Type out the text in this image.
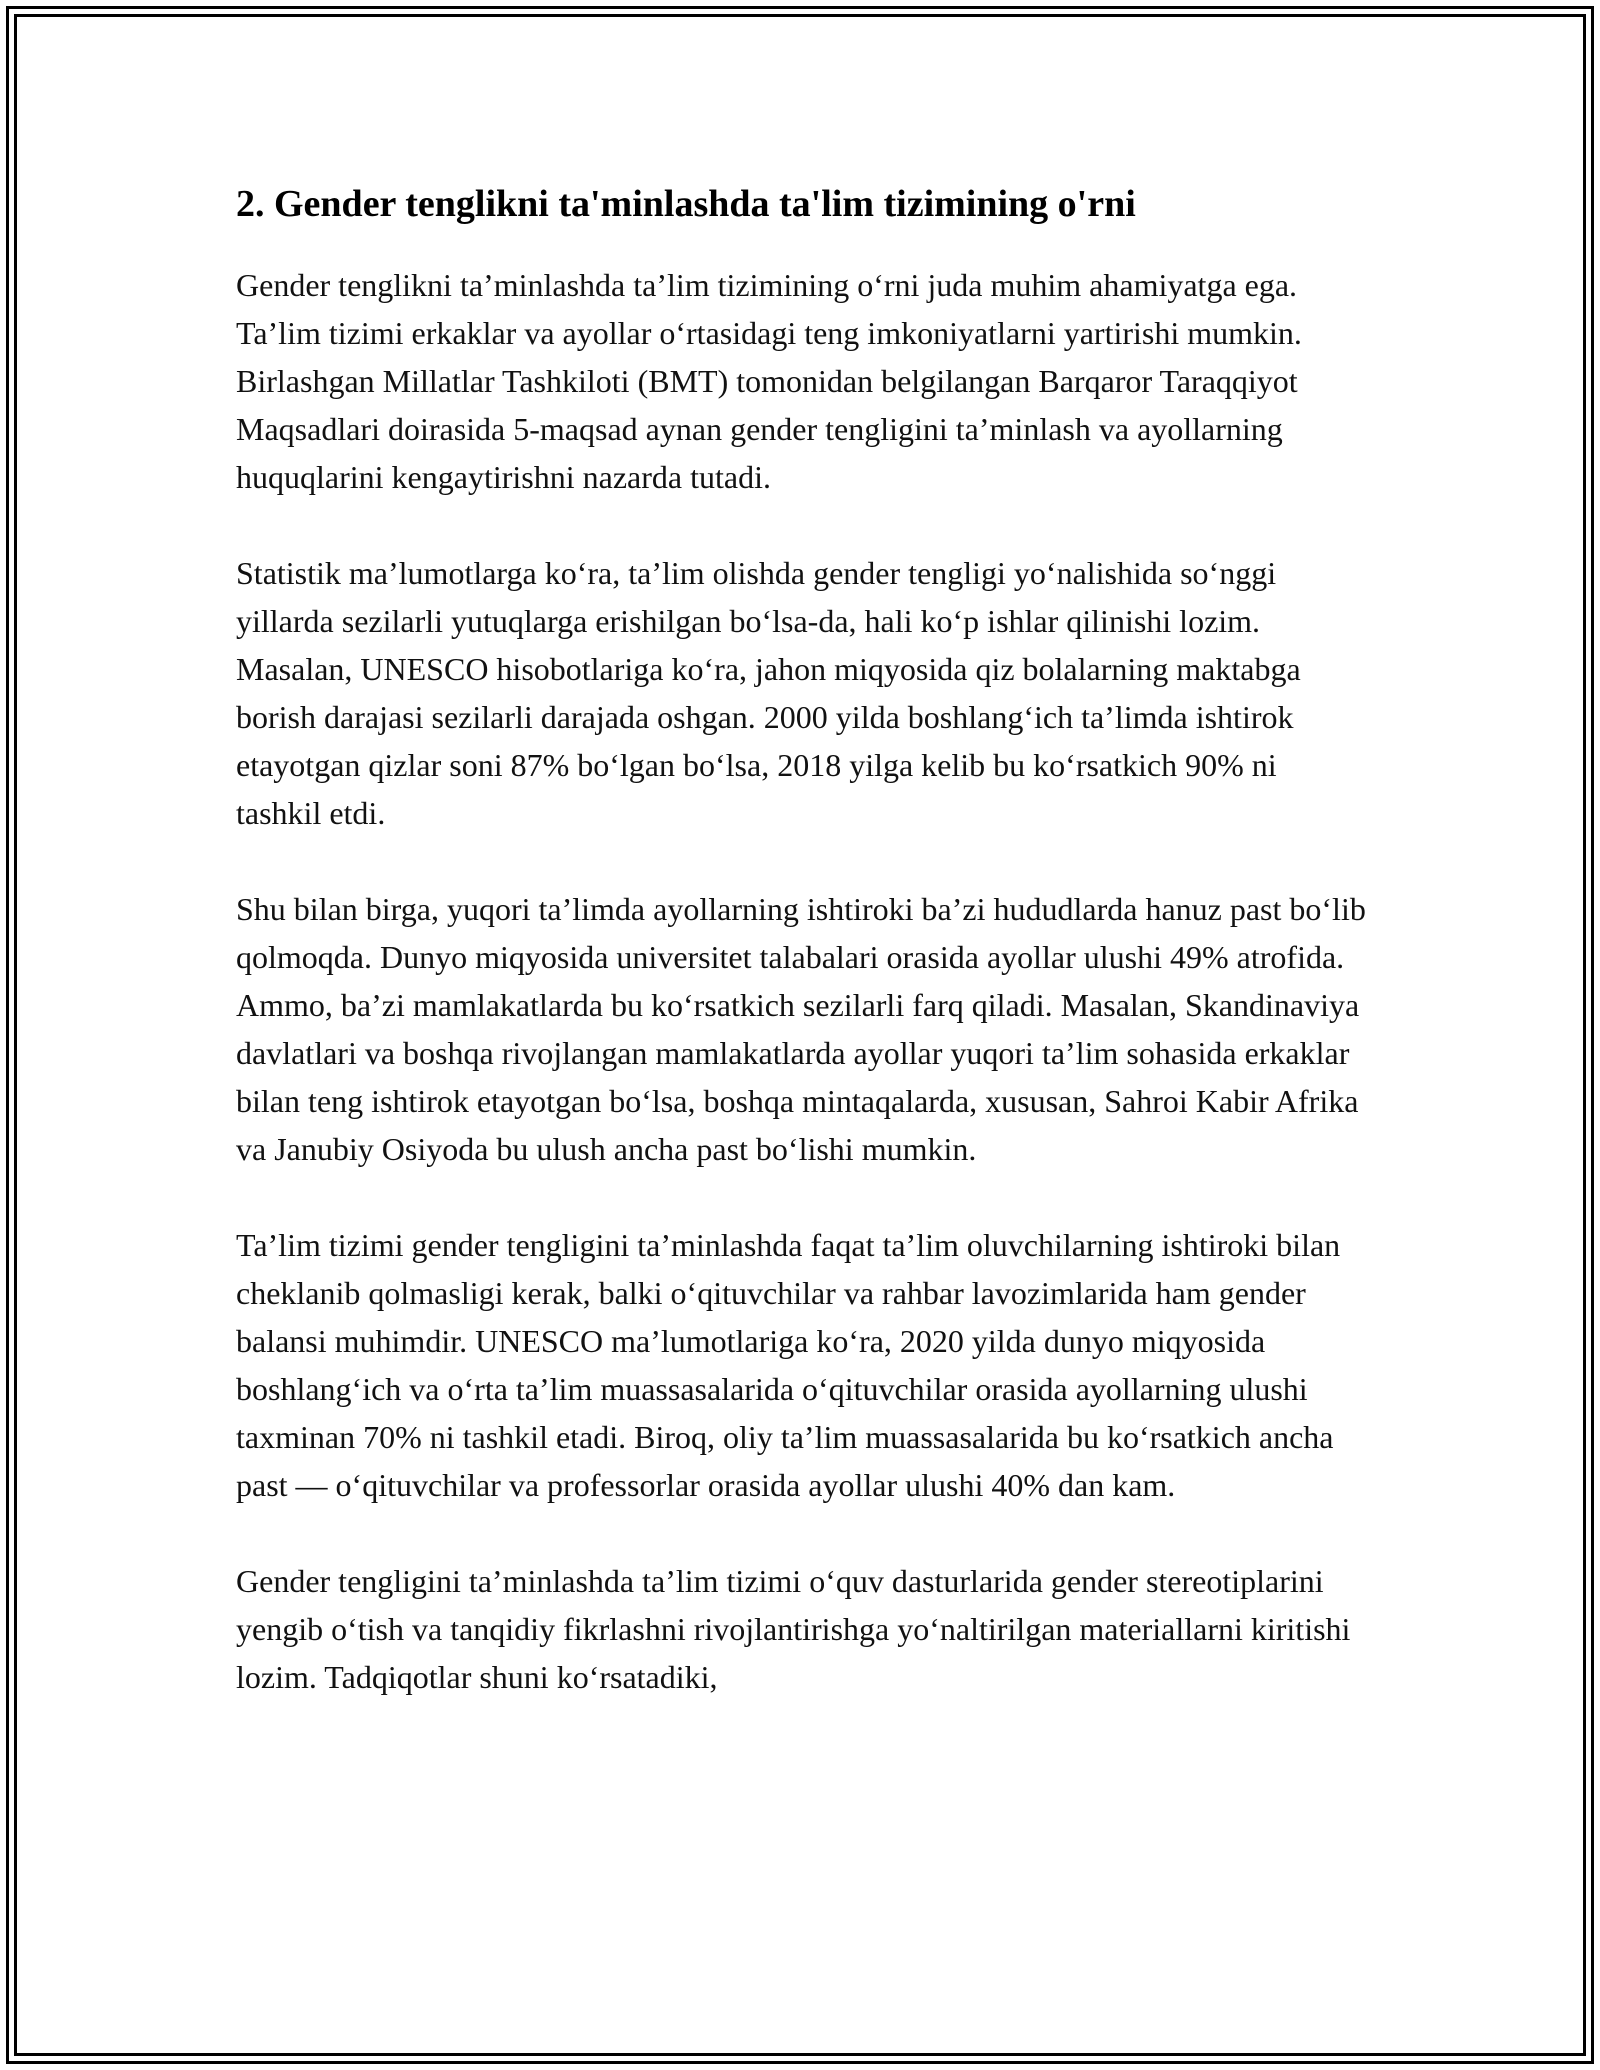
2. Gender tenglikni ta'minlashda ta'lim tizimining o'rni

Gender tenglikni ta’minlashda ta’lim tizimining o‘rni juda muhim ahamiyatga ega. Ta’lim tizimi erkaklar va ayollar o‘rtasidagi teng imkoniyatlarni yartirishi mumkin. Birlashgan Millatlar Tashkiloti (BMT) tomonidan belgilangan Barqaror Taraqqiyot Maqsadlari doirasida 5-maqsad aynan gender tengligini ta’minlash va ayollarning huquqlarini kengaytirishni nazarda tutadi.

Statistik ma’lumotlarga ko‘ra, ta’lim olishda gender tengligi yo‘nalishida so‘nggi yillarda sezilarli yutuqlarga erishilgan bo‘lsa-da, hali ko‘p ishlar qilinishi lozim. Masalan, UNESCO hisobotlariga ko‘ra, jahon miqyosida qiz bolalarning maktabga borish darajasi sezilarli darajada oshgan. 2000 yilda boshlang‘ich ta’limda ishtirok etayotgan qizlar soni 87% bo‘lgan bo‘lsa, 2018 yilga kelib bu ko‘rsatkich 90% ni tashkil etdi.

Shu bilan birga, yuqori ta’limda ayollarning ishtiroki ba’zi hududlarda hanuz past bo‘lib qolmoqda. Dunyo miqyosida universitet talabalari orasida ayollar ulushi 49% atrofida. Ammo, ba’zi mamlakatlarda bu ko‘rsatkich sezilarli farq qiladi. Masalan, Skandinaviya davlatlari va boshqa rivojlangan mamlakatlarda ayollar yuqori ta’lim sohasida erkaklar bilan teng ishtirok etayotgan bo‘lsa, boshqa mintaqalarda, xususan, Sahroi Kabir Afrika va Janubiy Osiyoda bu ulush ancha past bo‘lishi mumkin.

Ta’lim tizimi gender tengligini ta’minlashda faqat ta’lim oluvchilarning ishtiroki bilan cheklanib qolmasligi kerak, balki o‘qituvchilar va rahbar lavozimlarida ham gender balansi muhimdir. UNESCO ma’lumotlariga ko‘ra, 2020 yilda dunyo miqyosida boshlang‘ich va o‘rta ta’lim muassasalarida o‘qituvchilar orasida ayollarning ulushi taxminan 70% ni tashkil etadi. Biroq, oliy ta’lim muassasalarida bu ko‘rsatkich ancha past — o‘qituvchilar va professorlar orasida ayollar ulushi 40% dan kam.

Gender tengligini ta’minlashda ta’lim tizimi o‘quv dasturlarida gender stereotiplarini yengib o‘tish va tanqidiy fikrlashni rivojlantirishga yo‘naltirilgan materiallarni kiritishi lozim. Tadqiqotlar shuni ko‘rsatadiki,
